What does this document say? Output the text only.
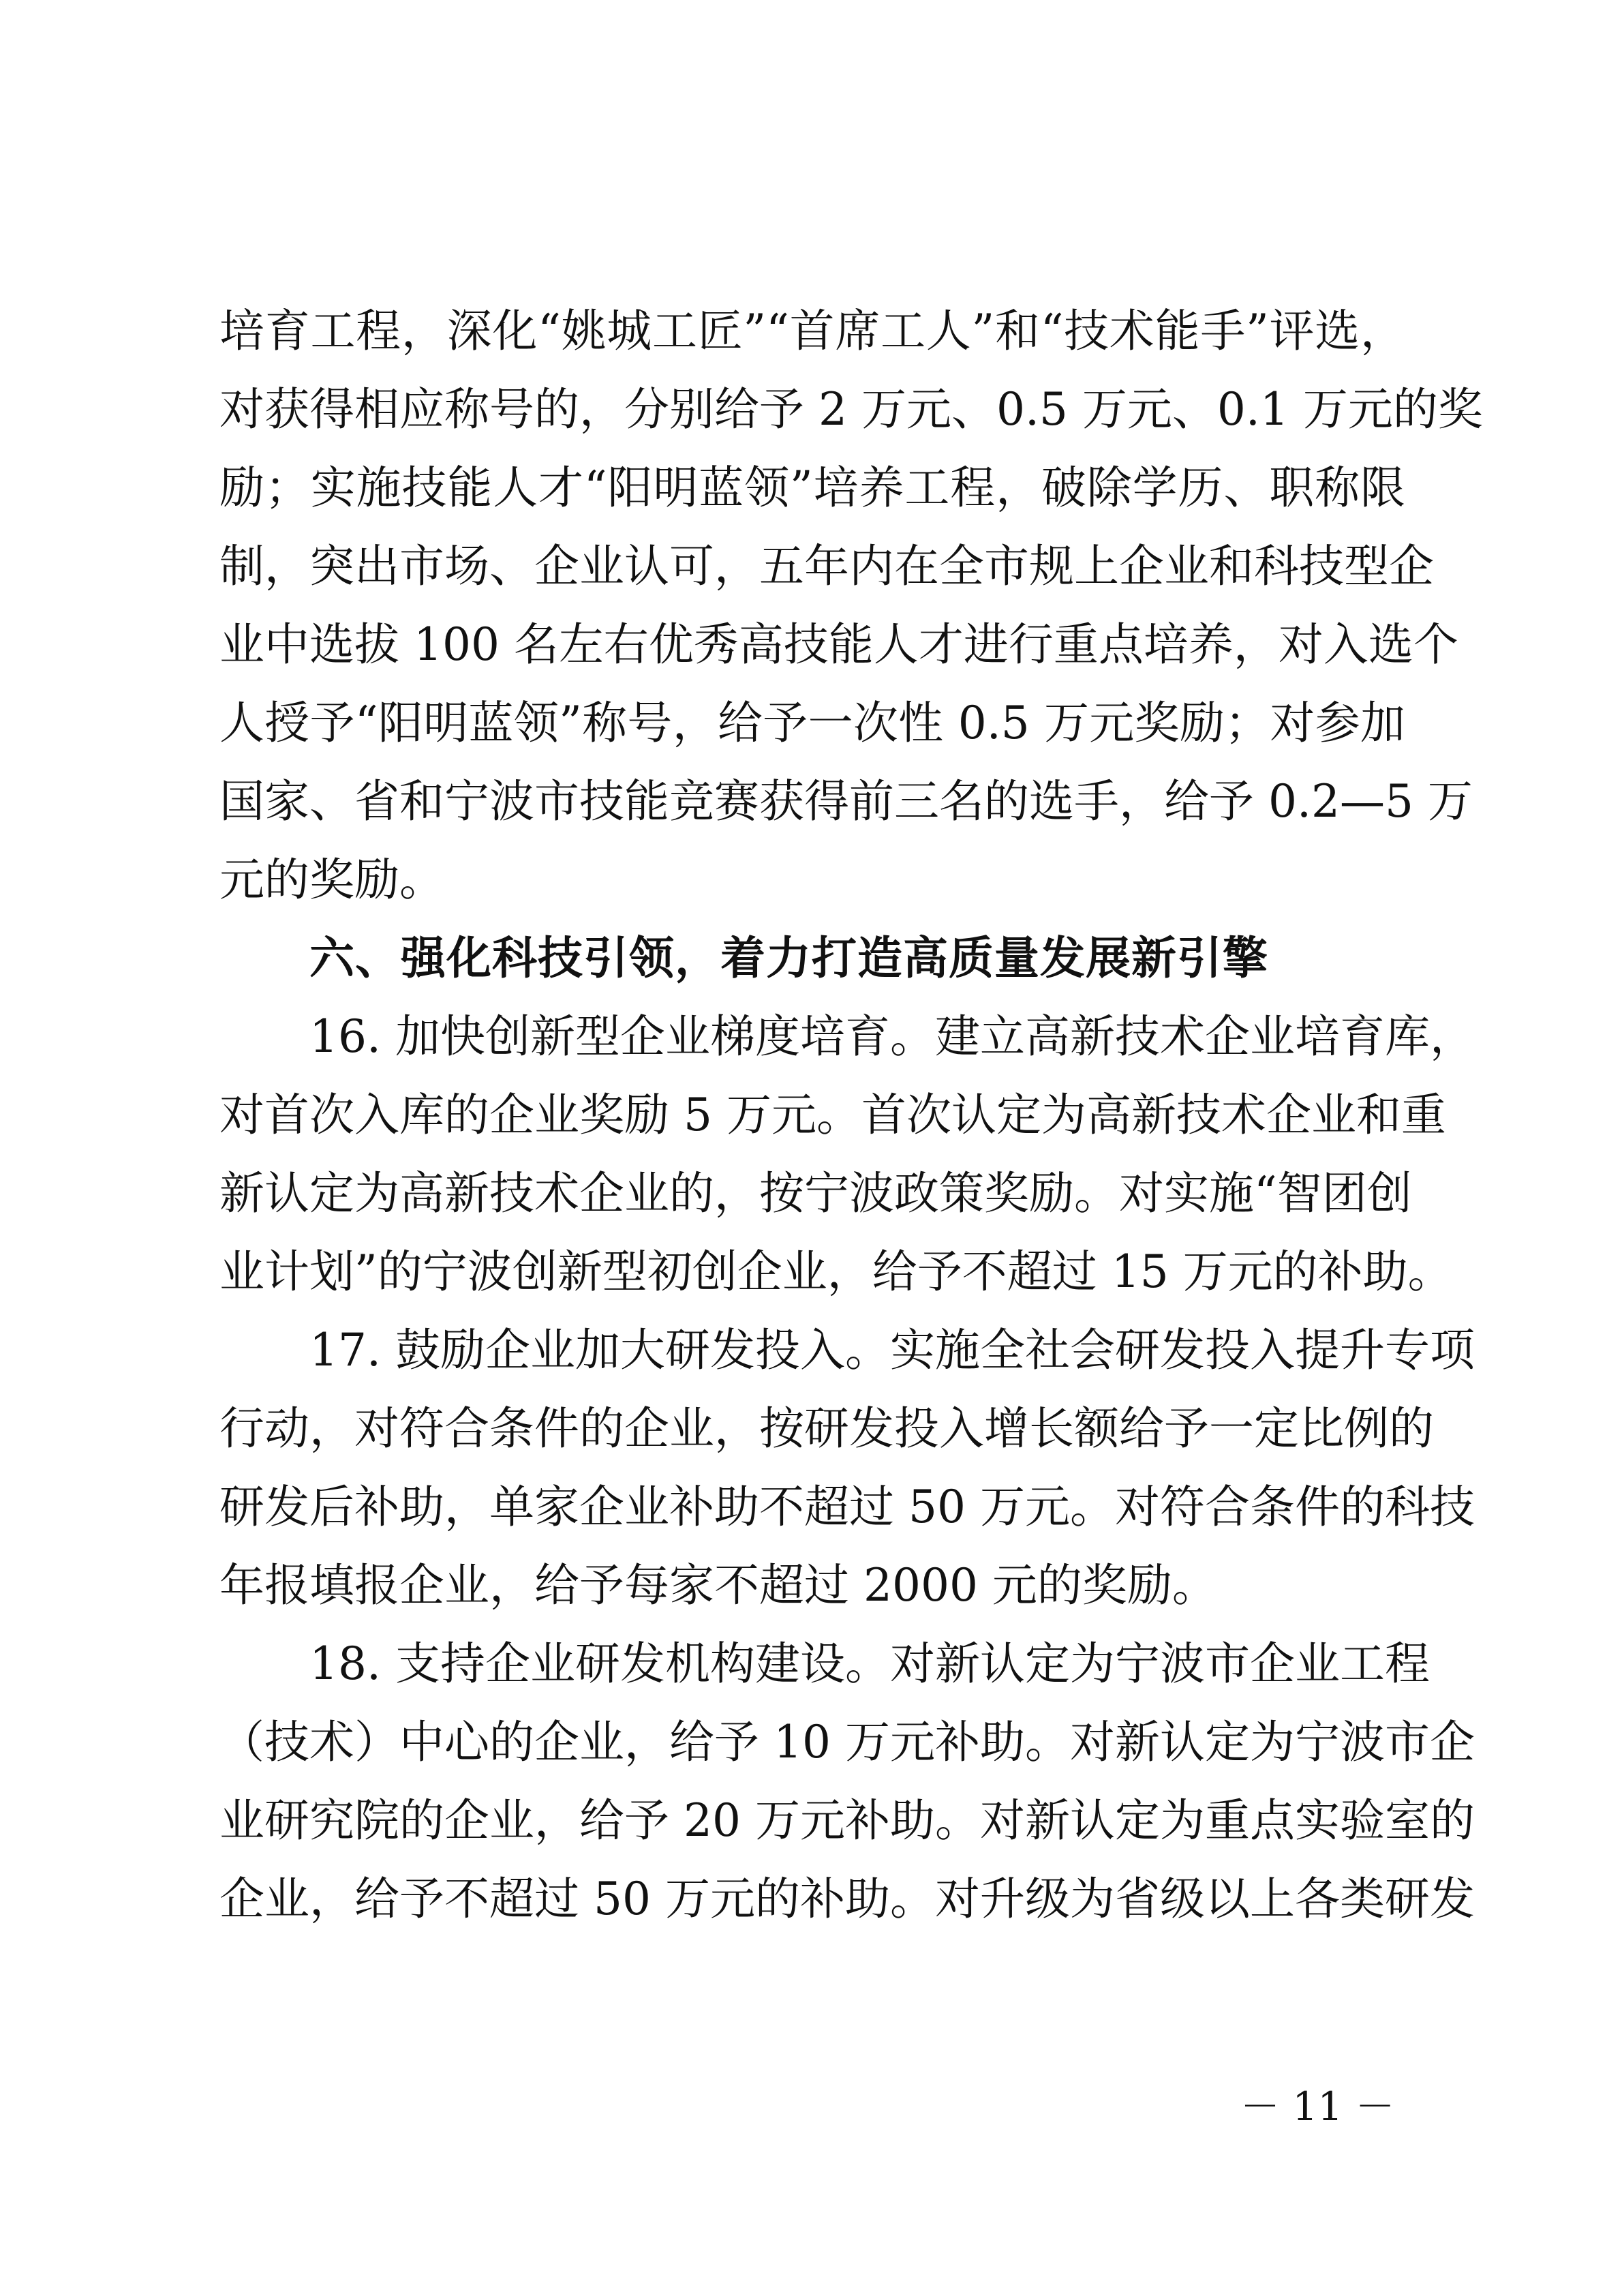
培育工程，深化“姚城工匠”“首席工人”和“技术能手”评选，
对获得相应称号的，分别给予 2 万元、0.5 万元、0.1 万元的奖
励；实施技能人才“阳明蓝领”培养工程，破除学历、职称限
制，突出市场、企业认可，五年内在全市规上企业和科技型企
业中选拔 100 名左右优秀高技能人才进行重点培养，对入选个
人授予“阳明蓝领”称号，给予一次性 0.5 万元奖励；对参加
国家、省和宁波市技能竞赛获得前三名的选手，给予 0.2—5 万
元的奖励。
六、强化科技引领，着力打造高质量发展新引擎
16. 加快创新型企业梯度培育。建立高新技术企业培育库，
对首次入库的企业奖励 5 万元。首次认定为高新技术企业和重
新认定为高新技术企业的，按宁波政策奖励。对实施“智团创
业计划”的宁波创新型初创企业，给予不超过 15 万元的补助。
17. 鼓励企业加大研发投入。实施全社会研发投入提升专项
行动，对符合条件的企业，按研发投入增长额给予一定比例的
研发后补助，单家企业补助不超过 50 万元。对符合条件的科技
年报填报企业，给予每家不超过 2000 元的奖励。
18. 支持企业研发机构建设。对新认定为宁波市企业工程
（技术）中心的企业，给予 10 万元补助。对新认定为宁波市企
业研究院的企业，给予 20 万元补助。对新认定为重点实验室的
企业，给予不超过 50 万元的补助。对升级为省级以上各类研发
－ 11 －
